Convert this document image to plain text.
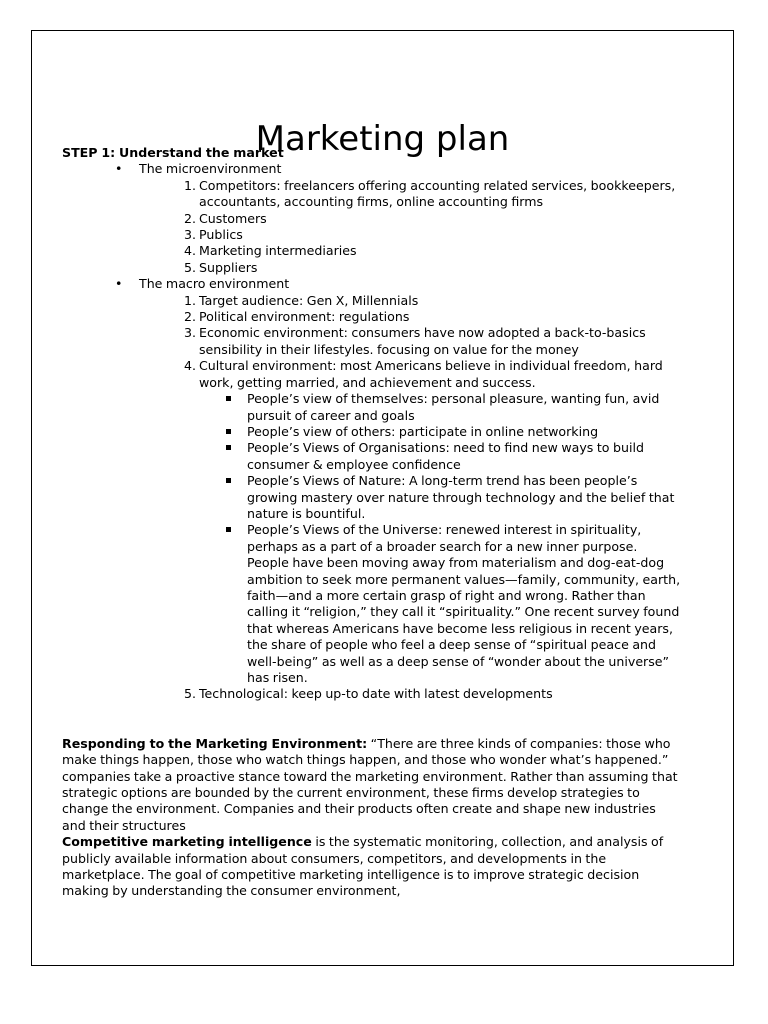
Marketing plan
STEP 1: Understand the market
• The microenvironment
1. Competitors: freelancers offering accounting related services, bookkeepers, accountants, accounting firms, online accounting firms
2. Customers
3. Publics
4. Marketing intermediaries
5. Suppliers
• The macro environment
1. Target audience: Gen X, Millennials
2. Political environment: regulations
3. Economic environment: consumers have now adopted a back-to-basics sensibility in their lifestyles. focusing on value for the money
4. Cultural environment: most Americans believe in individual freedom, hard work, getting married, and achievement and success.
People’s view of themselves: personal pleasure, wanting fun, avid pursuit of career and goals
People’s view of others: participate in online networking
People’s Views of Organisations: need to find new ways to build consumer & employee confidence
People’s Views of Nature: A long-term trend has been people’s growing mastery over nature through technology and the belief that nature is bountiful.
People’s Views of the Universe: renewed interest in spirituality, perhaps as a part of a broader search for a new inner purpose. People have been moving away from materialism and dog-eat-dog ambition to seek more permanent values—family, community, earth, faith—and a more certain grasp of right and wrong. Rather than calling it “religion,” they call it “spirituality.” One recent survey found that whereas Americans have become less religious in recent years, the share of people who feel a deep sense of “spiritual peace and well-being” as well as a deep sense of “wonder about the universe” has risen.
5. Technological: keep up-to date with latest developments

Responding to the Marketing Environment: “There are three kinds of companies: those who make things happen, those who watch things happen, and those who wonder what’s happened.”

companies take a proactive stance toward the marketing environment. Rather than assuming that strategic options are bounded by the current environment, these firms develop strategies to change the environment. Companies and their products often create and shape new industries and their structures

Competitive marketing intelligence is the systematic monitoring, collection, and analysis of publicly available information about consumers, competitors, and developments in the marketplace. The goal of competitive marketing intelligence is to improve strategic decision making by understanding the consumer environment,
